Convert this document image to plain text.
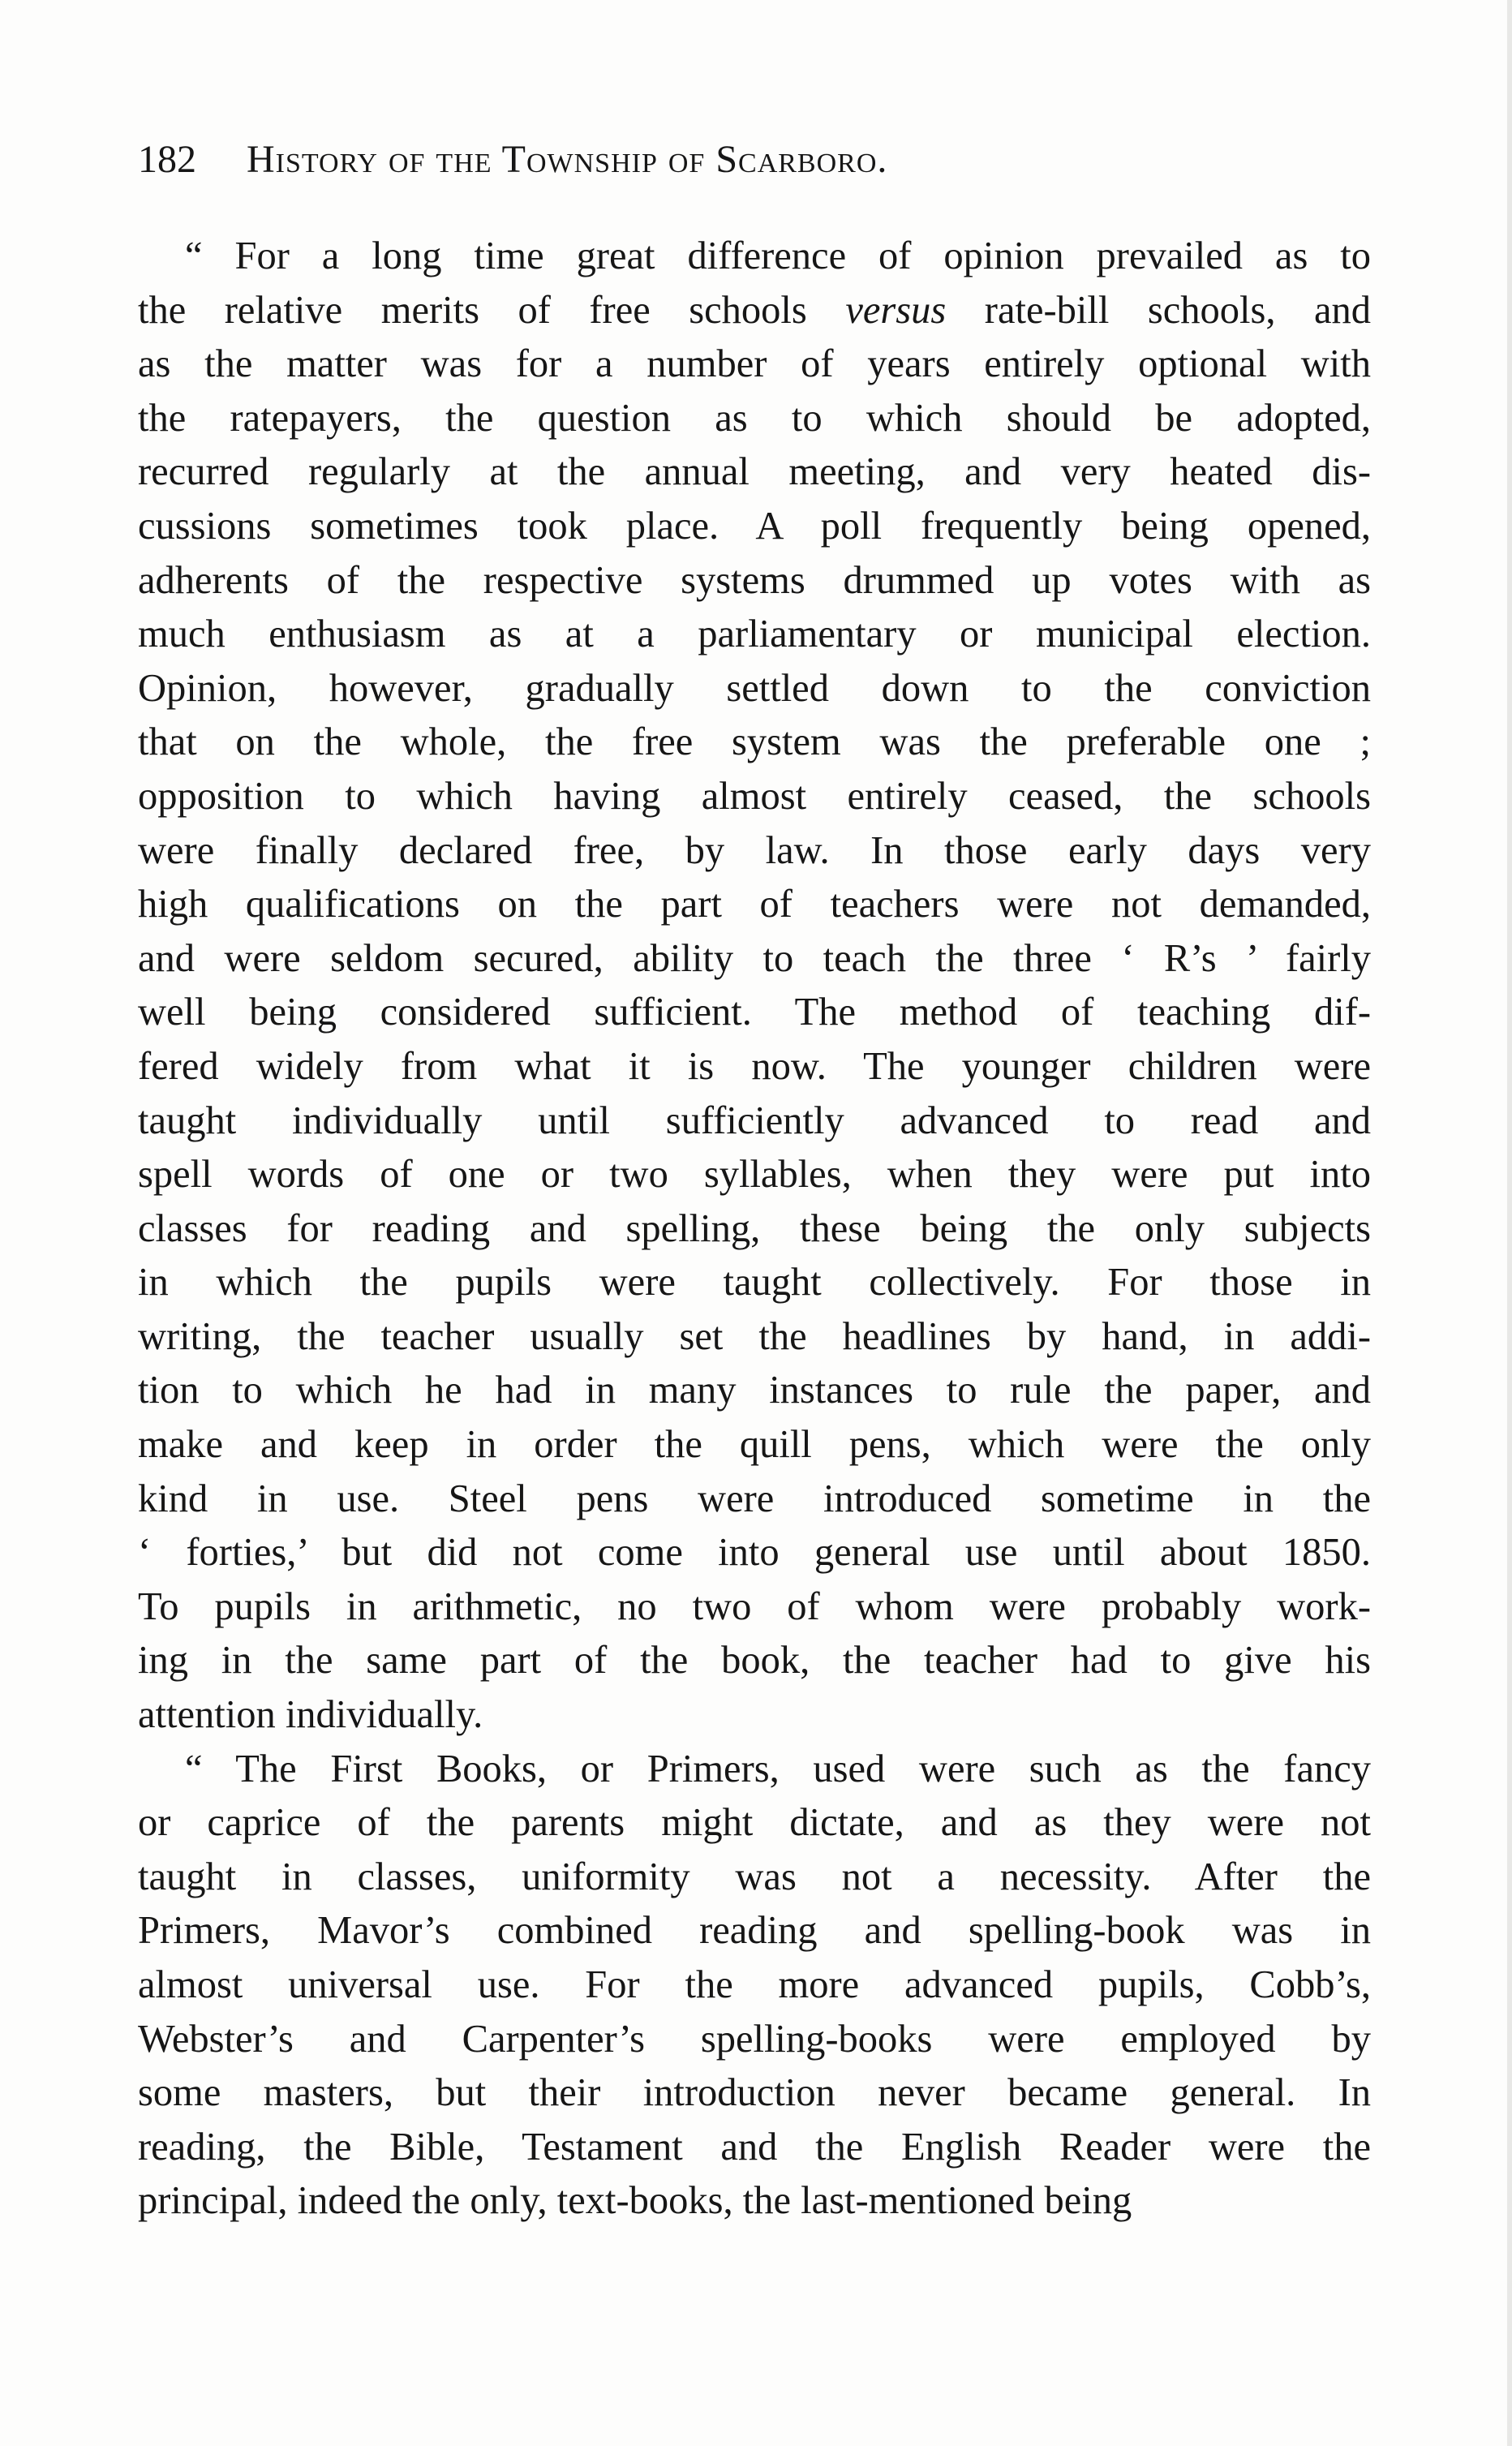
182 History of the Township of Scarboro.
“ For a long time great difference of opinion prevailed as to
the relative merits of free schools versus rate-bill schools, and
as the matter was for a number of years entirely optional with
the ratepayers, the question as to which should be adopted,
recurred regularly at the annual meeting, and very heated dis-
cussions sometimes took place. A poll frequently being opened,
adherents of the respective systems drummed up votes with as
much enthusiasm as at a parliamentary or municipal election.
Opinion, however, gradually settled down to the conviction
that on the whole, the free system was the preferable one ;
opposition to which having almost entirely ceased, the schools
were finally declared free, by law. In those early days very
high qualifications on the part of teachers were not demanded,
and were seldom secured, ability to teach the three ‘ R’s ’ fairly
well being considered sufficient. The method of teaching dif-
fered widely from what it is now. The younger children were
taught individually until sufficiently advanced to read and
spell words of one or two syllables, when they were put into
classes for reading and spelling, these being the only subjects
in which the pupils were taught collectively. For those in
writing, the teacher usually set the headlines by hand, in addi-
tion to which he had in many instances to rule the paper, and
make and keep in order the quill pens, which were the only
kind in use. Steel pens were introduced sometime in the
‘ forties,’ but did not come into general use until about 1850.
To pupils in arithmetic, no two of whom were probably work-
ing in the same part of the book, the teacher had to give his
attention individually.
“ The First Books, or Primers, used were such as the fancy
or caprice of the parents might dictate, and as they were not
taught in classes, uniformity was not a necessity. After the
Primers, Mavor’s combined reading and spelling-book was in
almost universal use. For the more advanced pupils, Cobb’s,
Webster’s and Carpenter’s spelling-books were employed by
some masters, but their introduction never became general. In
reading, the Bible, Testament and the English Reader were the
principal, indeed the only, text-books, the last-mentioned being
